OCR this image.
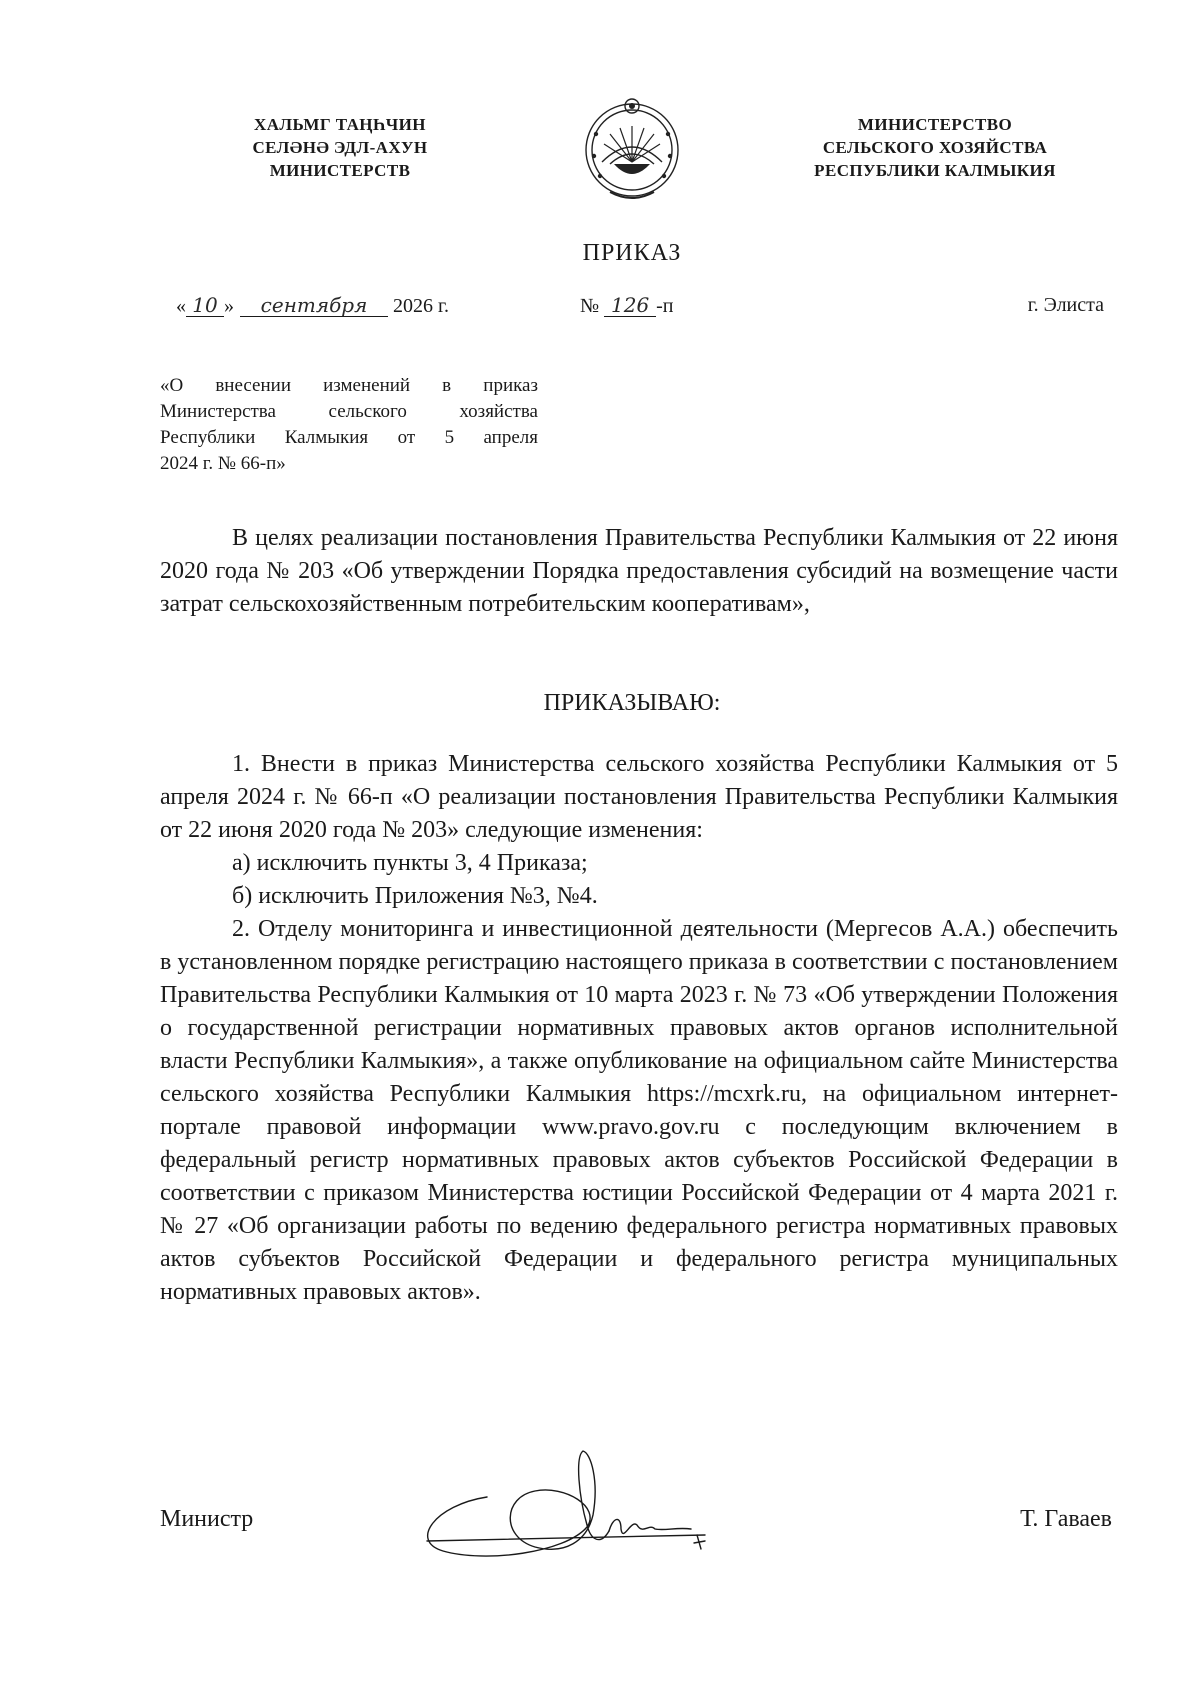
ХАЛЬМГ ТАҢҺЧИН
СЕЛӘНӘ ЭДЛ-АХУН
МИНИСТЕРСТВ
МИНИСТЕРСТВО
СЕЛЬСКОГО ХОЗЯЙСТВА
РЕСПУБЛИКИ КАЛМЫКИЯ
ПРИКАЗ
« 10 » сентября 2026 г.	№ 126 -п	г. Элиста
«О внесении изменений в приказ
Министерства сельского хозяйства
Республики Калмыкия от 5 апреля
2024 г. № 66-п»

В целях реализации постановления Правительства Республики Калмыкия от 22 июня 2020 года № 203 «Об утверждении Порядка предоставления субсидий на возмещение части затрат сельскохозяйственным потребительским кооперативам»,

ПРИКАЗЫВАЮ:

1. Внести в приказ Министерства сельского хозяйства Республики Калмыкия от 5 апреля 2024 г. № 66-п «О реализации постановления Правительства Республики Калмыкия от 22 июня 2020 года № 203» следующие изменения:

а) исключить пункты 3, 4 Приказа;

б) исключить Приложения №3, №4.

2. Отделу мониторинга и инвестиционной деятельности (Мергесов А.А.) обеспечить в установленном порядке регистрацию настоящего приказа в соответствии с постановлением Правительства Республики Калмыкия от 10 марта 2023 г. № 73 «Об утверждении Положения о государственной регистрации нормативных правовых актов органов исполнительной власти Республики Калмыкия», а также опубликование на официальном сайте Министерства сельского хозяйства Республики Калмыкия https://mcxrk.ru, на официальном интернет-портале правовой информации www.pravo.gov.ru с последующим включением в федеральный регистр нормативных правовых актов субъектов Российской Федерации в соответствии с приказом Министерства юстиции Российской Федерации от 4 марта 2021 г. № 27 «Об организации работы по ведению федерального регистра нормативных правовых актов субъектов Российской Федерации и федерального регистра муниципальных нормативных правовых актов».

Министр	Т. Гаваев
